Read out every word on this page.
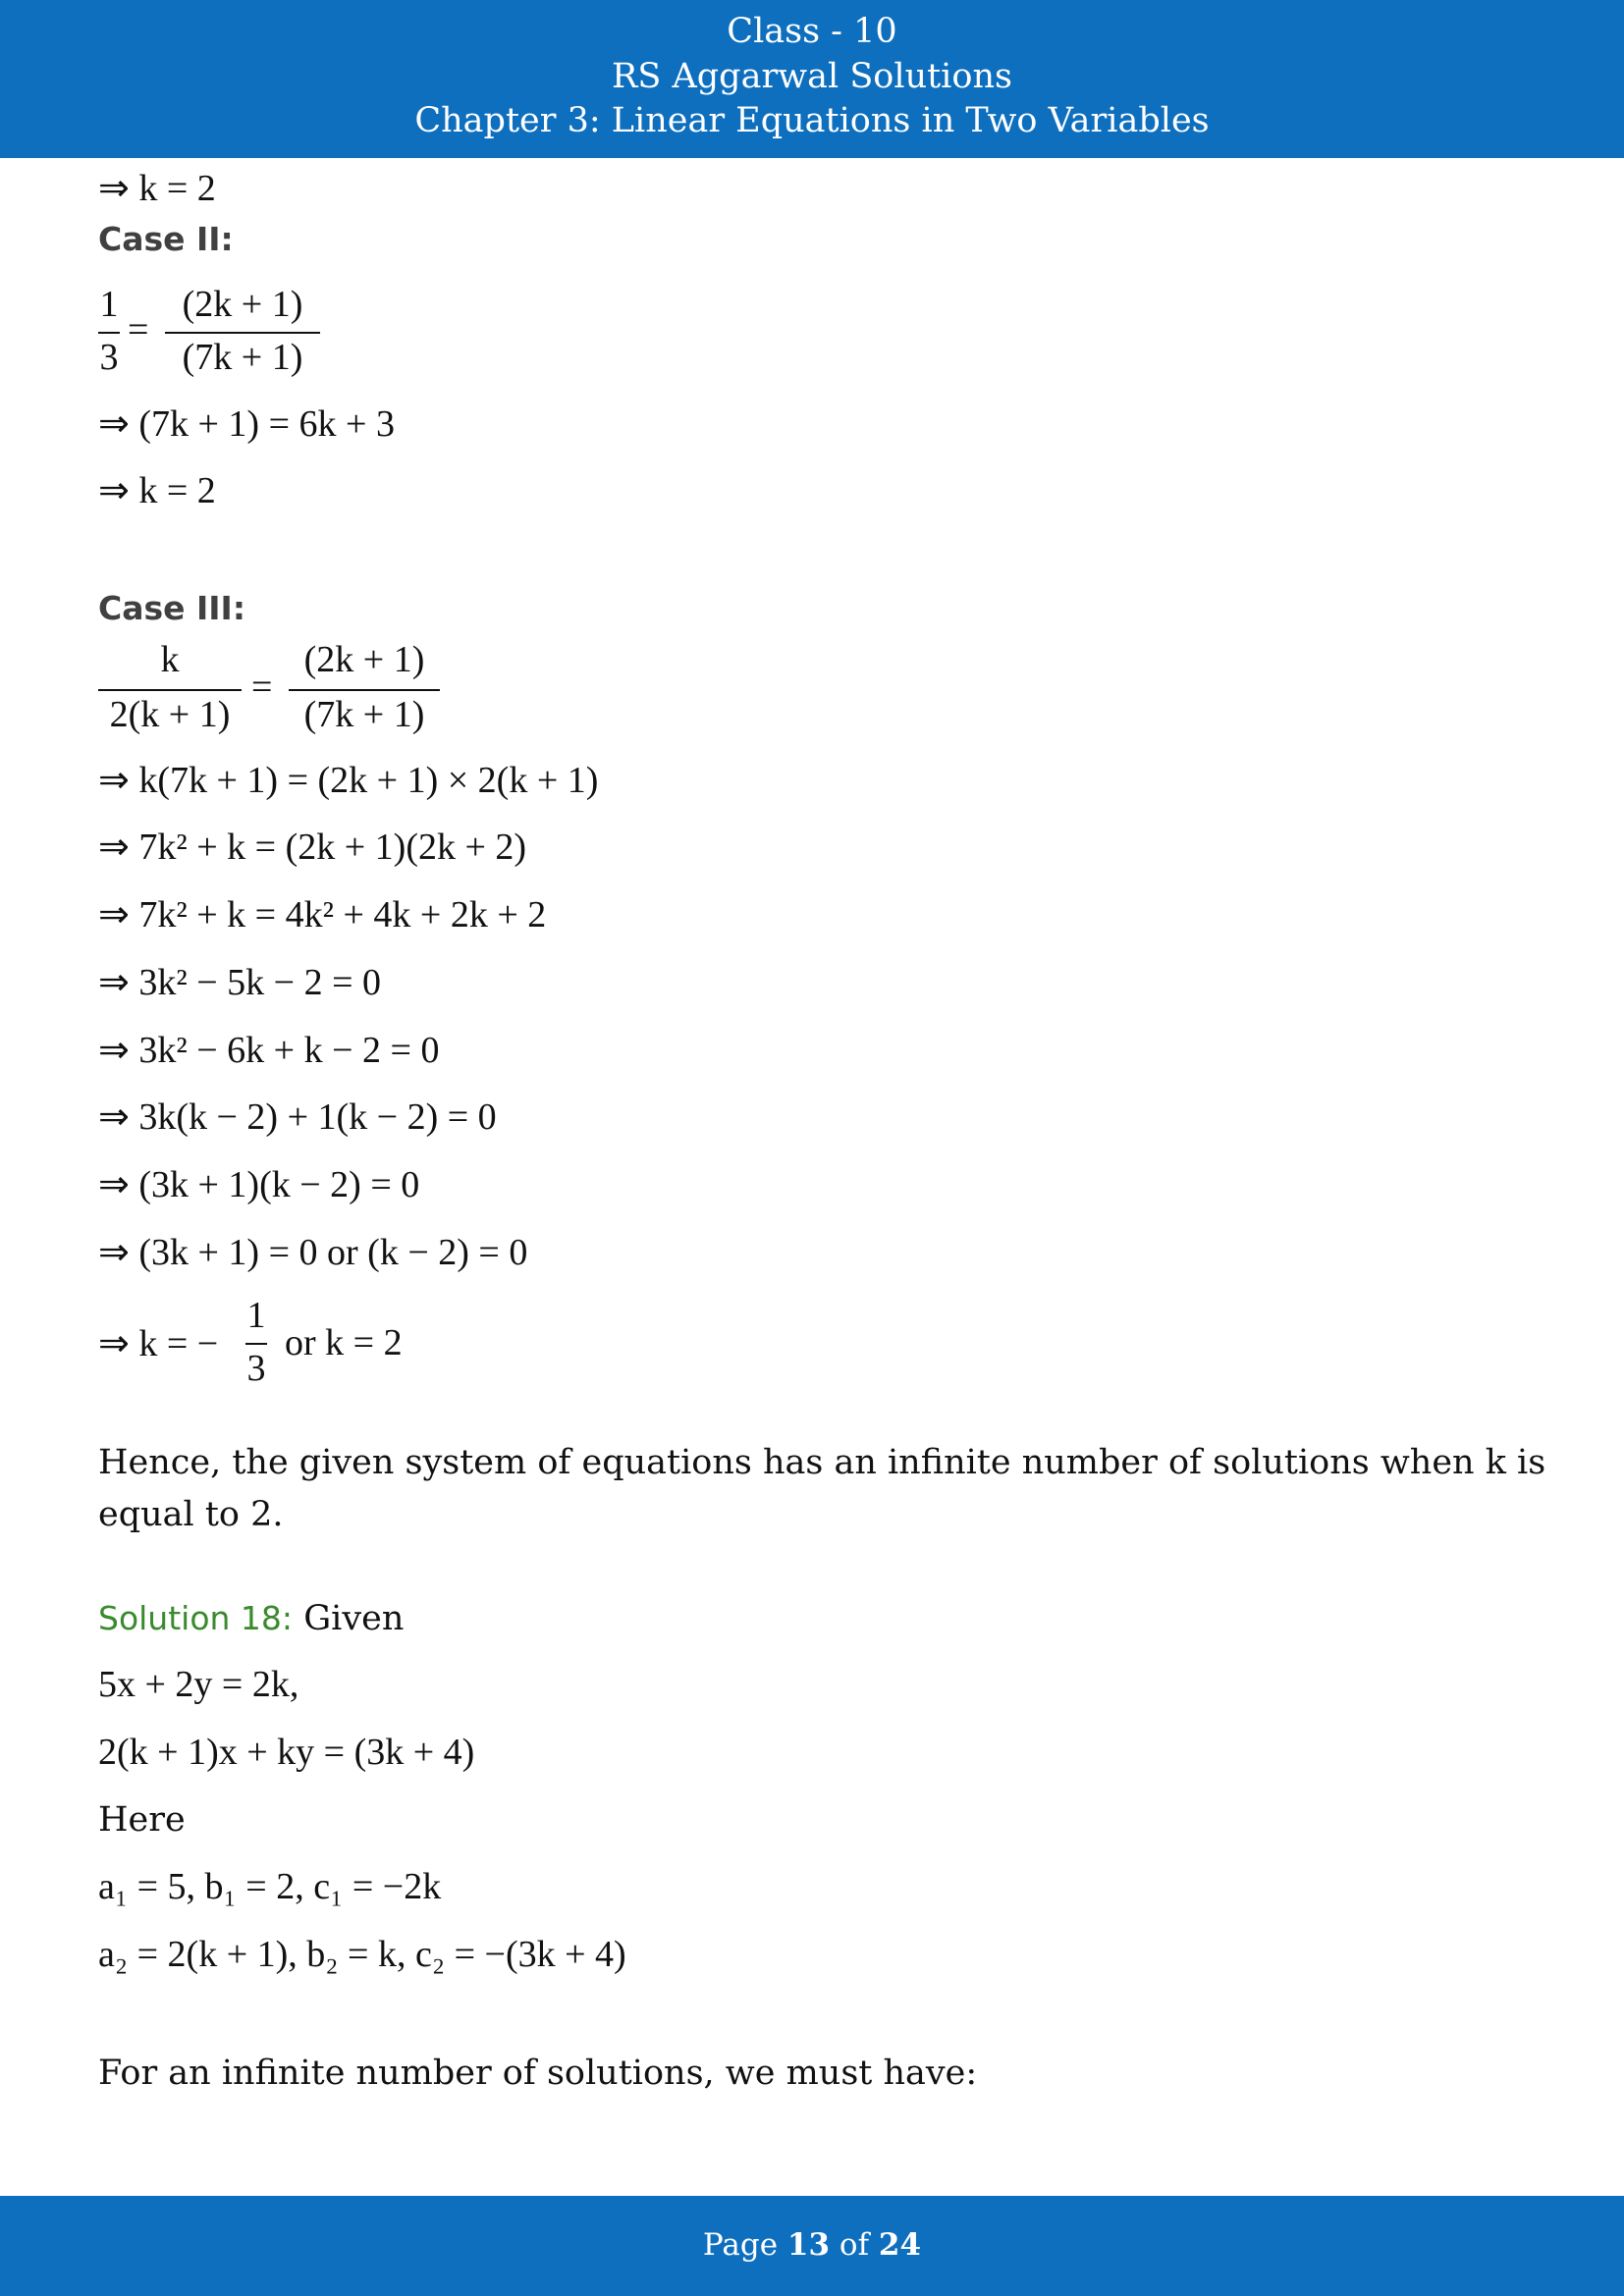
Class - 10
RS Aggarwal Solutions
Chapter 3: Linear Equations in Two Variables
⇒ k = 2
Case II:
1
3
=
(2k + 1)
(7k + 1)
⇒ (7k + 1) = 6k + 3
⇒ k = 2
Case III:
k
2(k + 1)
=
(2k + 1)
(7k + 1)
⇒ k(7k + 1) = (2k + 1) × 2(k + 1)
⇒ 7k² + k = (2k + 1)(2k + 2)
⇒ 7k² + k = 4k² + 4k + 2k + 2
⇒ 3k² − 5k − 2 = 0
⇒ 3k² − 6k + k − 2 = 0
⇒ 3k(k − 2) + 1(k − 2) = 0
⇒ (3k + 1)(k − 2) = 0
⇒ (3k + 1) = 0 or (k − 2) = 0
⇒ k = −
1
3
or k = 2
Hence, the given system of equations has an infinite number of solutions when k is
equal to 2.
Solution 18: Given
5x + 2y = 2k,
2(k + 1)x + ky = (3k + 4)
Here
a₁ = 5, b₁ = 2, c₁ = −2k
a₂ = 2(k + 1), b₂ = k, c₂ = −(3k + 4)
For an infinite number of solutions, we must have:
Page 13 of 24
